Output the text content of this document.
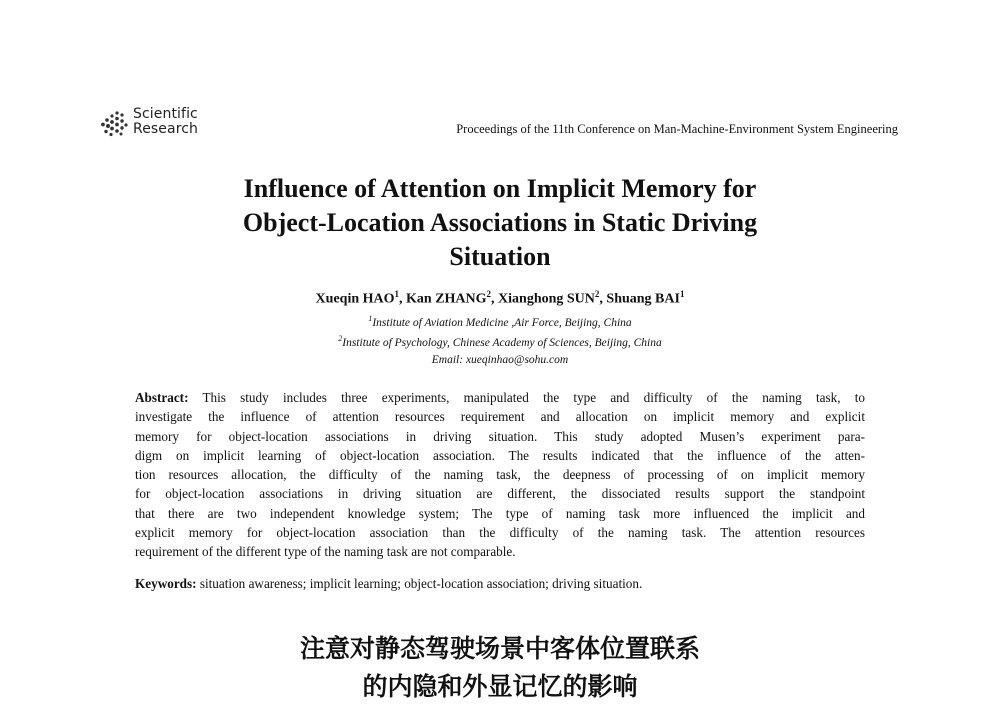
Scientific
Research	Proceedings of the 11th Conference on Man-Machine-Environment System Engineering
Influence of Attention on Implicit Memory for
Object-Location Associations in Static Driving
Situation
Xueqin HAO$^1$, Kan ZHANG$^2$, Xianghong SUN$^2$, Shuang BAI$^1$
$^1$Institute of Aviation Medicine ,Air Force, Beijing, China
$^2$Institute of Psychology, Chinese Academy of Sciences, Beijing, China
Email: xueqinhao@sohu.com
Abstract: This study includes three experiments, manipulated the type and difficulty of the naming task, to
investigate the influence of attention resources requirement and allocation on implicit memory and explicit
memory for object-location associations in driving situation. This study adopted Musen’s experiment para-
digm on implicit learning of object-location association. The results indicated that the influence of the atten-
tion resources allocation, the difficulty of the naming task, the deepness of processing of on implicit memory
for object-location associations in driving situation are different, the dissociated results support the standpoint
that there are two independent knowledge system; The type of naming task more influenced the implicit and
explicit memory for object-location association than the difficulty of the naming task. The attention resources
requirement of the different type of the naming task are not comparable.
Keywords: situation awareness; implicit learning; object-location association; driving situation.
注意对静态驾驶场景中客体位置联系
的内隐和外显记忆的影响
